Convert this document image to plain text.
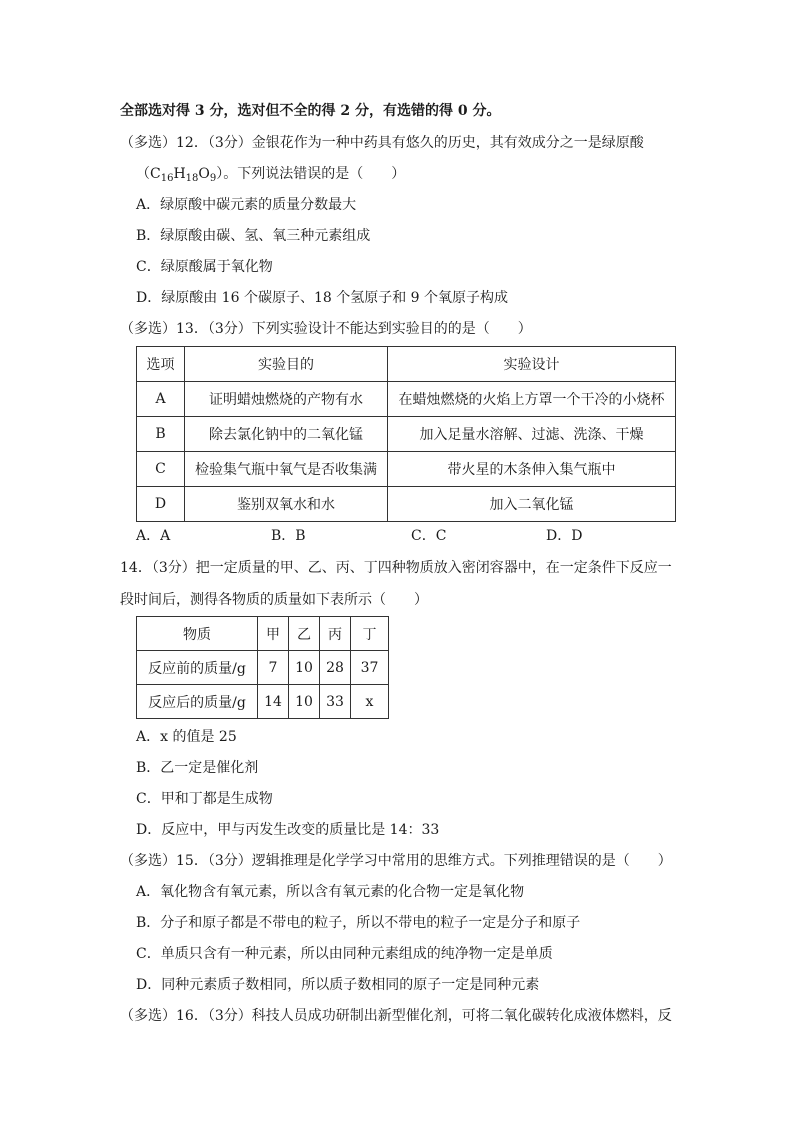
全部选对得 3 分，选对但不全的得 2 分，有选错的得 0 分。
（多选）12．（3分）金银花作为一种中药具有悠久的历史，其有效成分之一是绿原酸
$(C_{16}H_{18}O_9)$。下列说法错误的是（　　）
A．绿原酸中碳元素的质量分数最大
B．绿原酸由碳、氢、氧三种元素组成
C．绿原酸属于氧化物
D．绿原酸由 16 个碳原子、18 个氢原子和 9 个氧原子构成
（多选）13．（3分）下列实验设计不能达到实验目的的是（　　）
选项	实验目的	实验设计
A	证明蜡烛燃烧的产物有水	在蜡烛燃烧的火焰上方罩一个干冷的小烧杯
B	除去氯化钠中的二氧化锰	加入足量水溶解、过滤、洗涤、干燥
C	检验集气瓶中氧气是否收集满	带火星的木条伸入集气瓶中
D	鉴别双氧水和水	加入二氧化锰
A．A	B．B	C．C	D．D
14．（3分）把一定质量的甲、乙、丙、丁四种物质放入密闭容器中，在一定条件下反应一
段时间后，测得各物质的质量如下表所示（　　）
物质	甲	乙	丙	丁
反应前的质量/g	7	10	28	37
反应后的质量/g	14	10	33	x
A．x 的值是 25
B．乙一定是催化剂
C．甲和丁都是生成物
D．反应中，甲与丙发生改变的质量比是 14：33
（多选）15．（3分）逻辑推理是化学学习中常用的思维方式。下列推理错误的是（　　）
A．氧化物含有氧元素，所以含有氧元素的化合物一定是氧化物
B．分子和原子都是不带电的粒子，所以不带电的粒子一定是分子和原子
C．单质只含有一种元素，所以由同种元素组成的纯净物一定是单质
D．同种元素质子数相同，所以质子数相同的原子一定是同种元素
（多选）16．（3分）科技人员成功研制出新型催化剂，可将二氧化碳转化成液体燃料，反
